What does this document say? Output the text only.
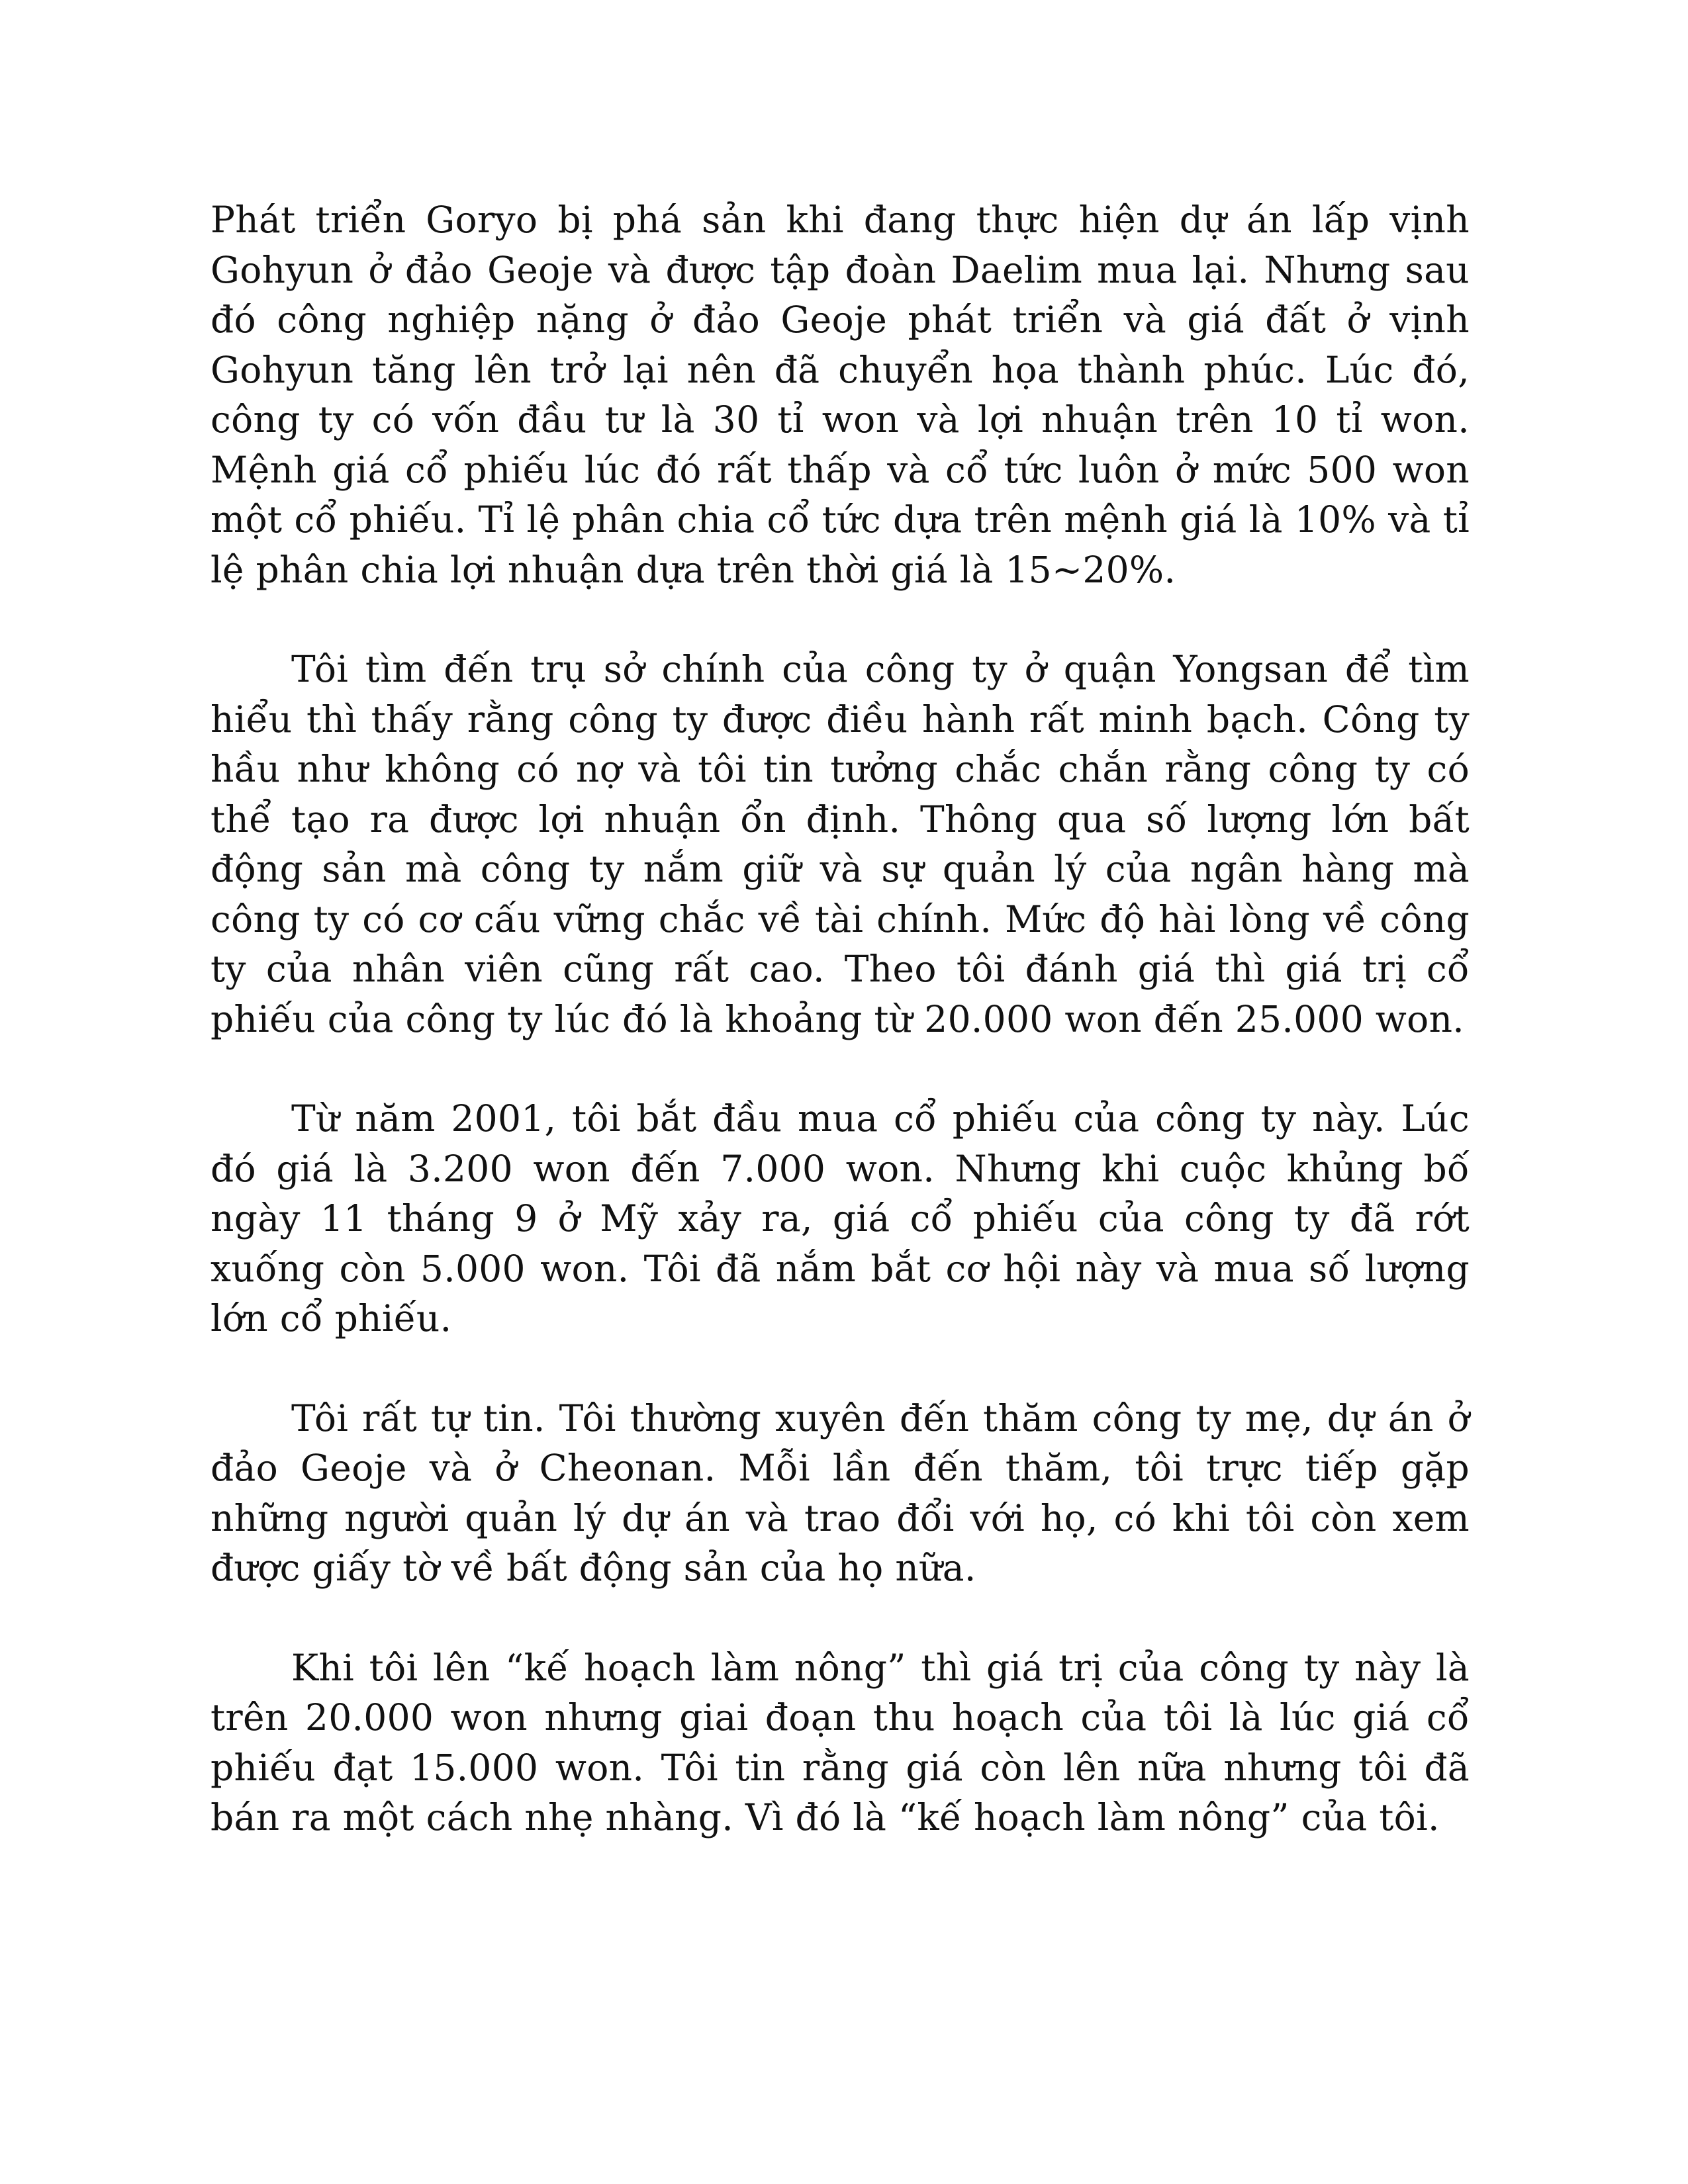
Phát triển Goryo bị phá sản khi đang thực hiện dự án lấp vịnh Gohyun ở đảo Geoje và được tập đoàn Daelim mua lại. Nhưng sau đó công nghiệp nặng ở đảo Geoje phát triển và giá đất ở vịnh Gohyun tăng lên trở lại nên đã chuyển họa thành phúc. Lúc đó, công ty có vốn đầu tư là 30 tỉ won và lợi nhuận trên 10 tỉ won. Mệnh giá cổ phiếu lúc đó rất thấp và cổ tức luôn ở mức 500 won một cổ phiếu. Tỉ lệ phân chia cổ tức dựa trên mệnh giá là 10% và tỉ lệ phân chia lợi nhuận dựa trên thời giá là 15~20%.

Tôi tìm đến trụ sở chính của công ty ở quận Yongsan để tìm hiểu thì thấy rằng công ty được điều hành rất minh bạch. Công ty hầu như không có nợ và tôi tin tưởng chắc chắn rằng công ty có thể tạo ra được lợi nhuận ổn định. Thông qua số lượng lớn bất động sản mà công ty nắm giữ và sự quản lý của ngân hàng mà công ty có cơ cấu vững chắc về tài chính. Mức độ hài lòng về công ty của nhân viên cũng rất cao. Theo tôi đánh giá thì giá trị cổ phiếu của công ty lúc đó là khoảng từ 20.000 won đến 25.000 won.

Từ năm 2001, tôi bắt đầu mua cổ phiếu của công ty này. Lúc đó giá là 3.200 won đến 7.000 won. Nhưng khi cuộc khủng bố ngày 11 tháng 9 ở Mỹ xảy ra, giá cổ phiếu của công ty đã rớt xuống còn 5.000 won. Tôi đã nắm bắt cơ hội này và mua số lượng lớn cổ phiếu.

Tôi rất tự tin. Tôi thường xuyên đến thăm công ty mẹ, dự án ở đảo Geoje và ở Cheonan. Mỗi lần đến thăm, tôi trực tiếp gặp những người quản lý dự án và trao đổi với họ, có khi tôi còn xem được giấy tờ về bất động sản của họ nữa.

Khi tôi lên “kế hoạch làm nông” thì giá trị của công ty này là trên 20.000 won nhưng giai đoạn thu hoạch của tôi là lúc giá cổ phiếu đạt 15.000 won. Tôi tin rằng giá còn lên nữa nhưng tôi đã bán ra một cách nhẹ nhàng. Vì đó là “kế hoạch làm nông” của tôi.
